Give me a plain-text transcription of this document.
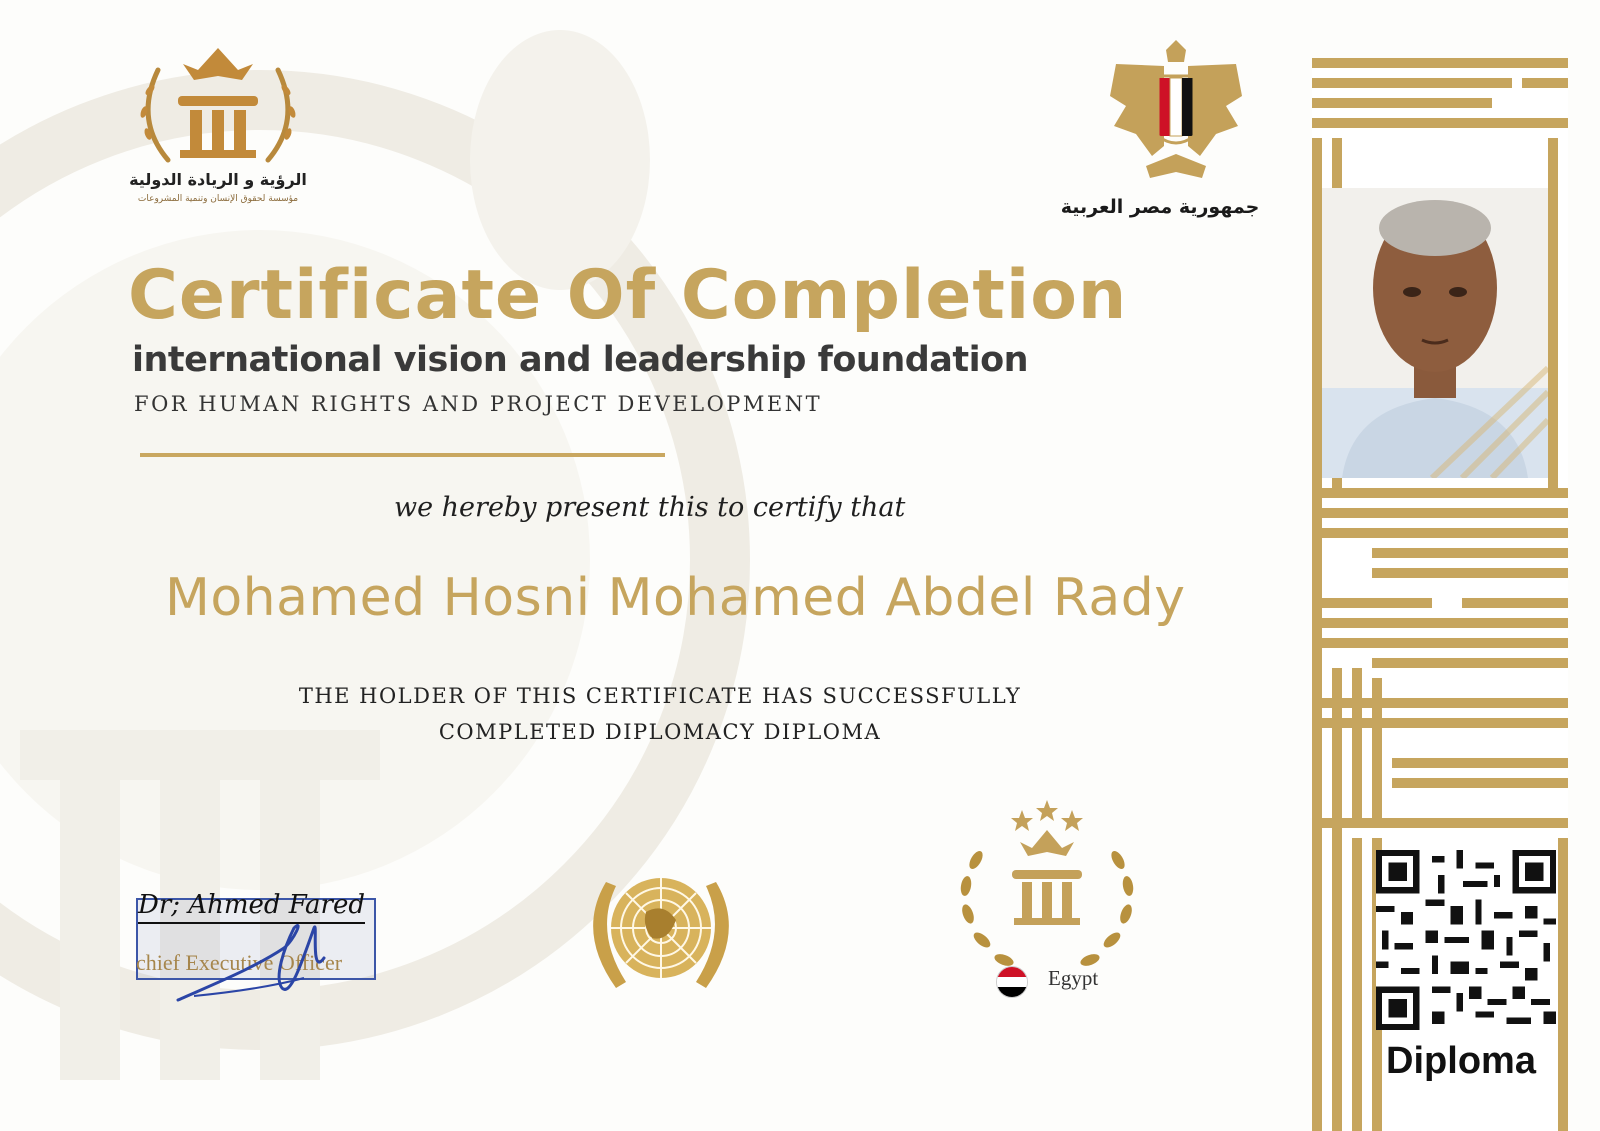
الرؤية و الريادة الدولية
مؤسسة لحقوق الإنسان وتنمية المشروعات	جمهورية مصر العربية
Certificate Of Completion
international vision and leadership foundation
FOR HUMAN RIGHTS AND PROJECT DEVELOPMENT
we hereby present this to certify that
Mohamed Hosni Mohamed Abdel Rady
THE HOLDER OF THIS CERTIFICATE HAS SUCCESSFULLY
COMPLETED DIPLOMACY DIPLOMA
Dr; Ahmed Fared
chief Executive Officer
Egypt
Diploma
